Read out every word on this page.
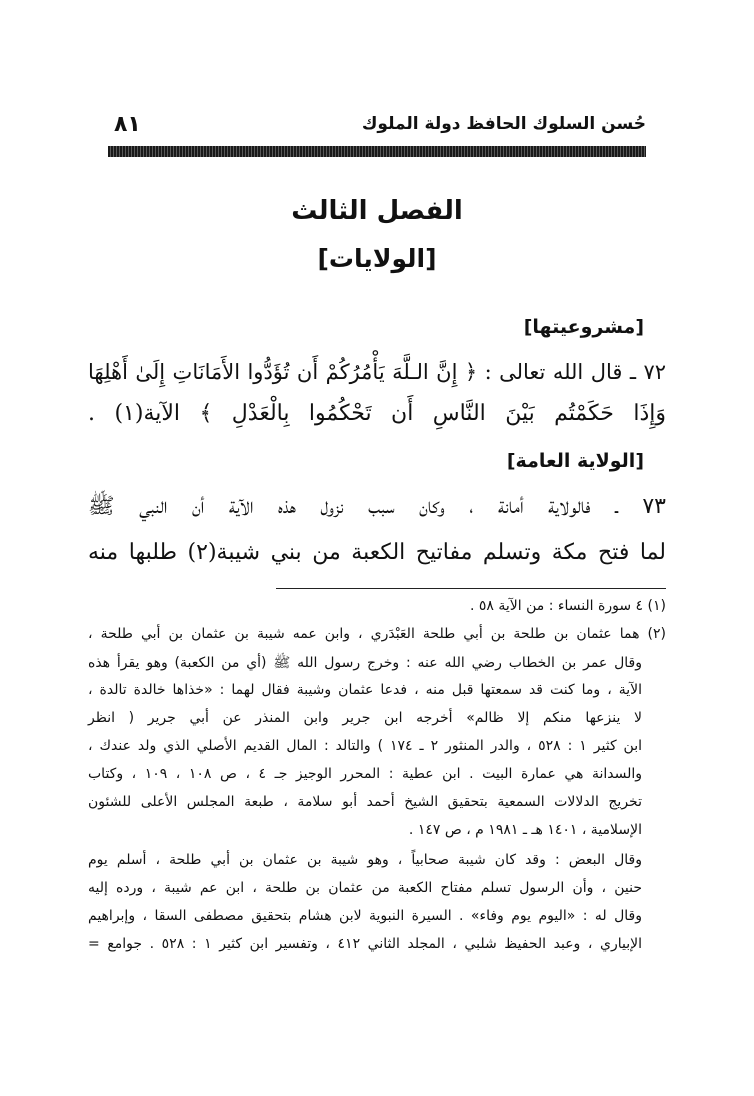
حُسن السلوك الحافظ دولة الملوك
٨١
الفصل الثالث
[الولايات]
[مشروعيتها]
٧٢ ـ قال الله تعالى : ﴿ إِنَّ الـلَّهَ يَأْمُرُكُمْ أَن تُؤَدُّوا الأَمَانَاتِ إِلَىٰ أَهْلِهَا
وَإِذَا حَكَمْتُم بَيْنَ النَّاسِ أَن تَحْكُمُوا بِالْعَدْلِ ﴾ الآية(١) .
[الولاية العامة]
٧٣ ـ فالولاية أمانة ، وكان سبب نزول هذه الآية أن النبي ﷺ
لما فتح مكة وتسلم مفاتيح الكعبة من بني شيبة(٢) طلبها منه
(١) ٤ سورة النساء : من الآية ٥٨ .
(٢) هما عثمان بن طلحة بن أبي طلحة العَبْدَري ، وابن عمه شيبة بن عثمان بن أبي طلحة ،
وقال عمر بن الخطاب رضي الله عنه : وخرج رسول الله ﷺ (أي من الكعبة) وهو يقرأ هذه
الآية ، وما كنت قد سمعتها قبل منه ، فدعا عثمان وشيبة فقال لهما : «خذاها خالدة تالدة ،
لا ينزعها منكم إلا ظالم» أخرجه ابن جرير وابن المنذر عن أبي جرير ( انظر
ابن كثير ١ : ٥٢٨ ، والدر المنثور ٢ ـ ١٧٤ ) والتالد : المال القديم الأصلي الذي ولد عندك ،
والسدانة هي عمارة البيت . ابن عطية : المحرر الوجيز جـ ٤ ، ص ١٠٨ ، ١٠٩ ، وكتاب
تخريج الدلالات السمعية بتحقيق الشيخ أحمد أبو سلامة ، طبعة المجلس الأعلى للشئون
الإسلامية ، ١٤٠١ هـ ـ ١٩٨١ م ، ص ١٤٧ .
وقال البعض : وقد كان شيبة صحابياً ، وهو شيبة بن عثمان بن أبي طلحة ، أسلم يوم
حنين ، وأن الرسول تسلم مفتاح الكعبة من عثمان بن طلحة ، ابن عم شيبة ، ورده إليه
وقال له : «اليوم يوم وفاء» . السيرة النبوية لابن هشام بتحقيق مصطفى السقا ، وإبراهيم
الإبياري ، وعبد الحفيظ شلبي ، المجلد الثاني ٤١٢ ، وتفسير ابن كثير ١ : ٥٢٨ . جوامع =
